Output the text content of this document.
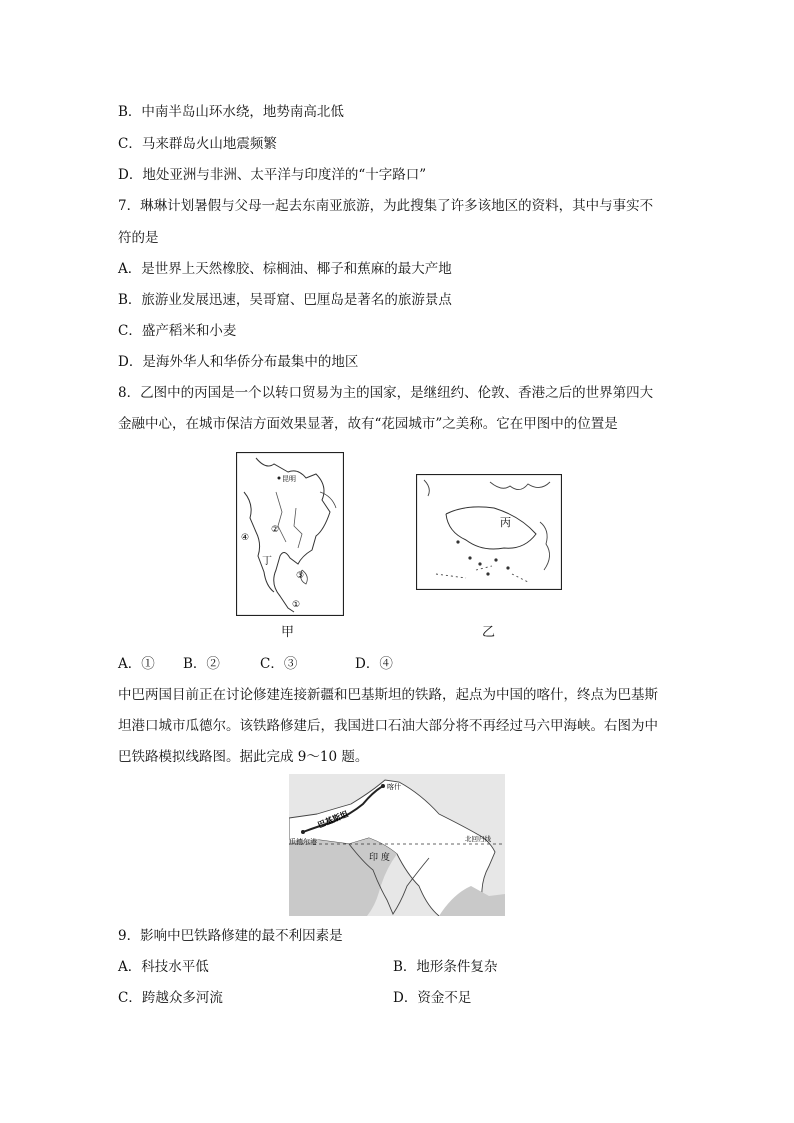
B．中南半岛山环水绕，地势南高北低
C．马来群岛火山地震频繁
D．地处亚洲与非洲、太平洋与印度洋的“十字路口”
7．琳琳计划暑假与父母一起去东南亚旅游，为此搜集了许多该地区的资料，其中与事实不
符的是
A．是世界上天然橡胶、棕榈油、椰子和蕉麻的最大产地
B．旅游业发展迅速，吴哥窟、巴厘岛是著名的旅游景点
C．盛产稻米和小麦
D．是海外华人和华侨分布最集中的地区
8．乙图中的丙国是一个以转口贸易为主的国家，是继纽约、伦敦、香港之后的世界第四大
金融中心，在城市保洁方面效果显著，故有“花园城市”之美称。它在甲图中的位置是
昆明
②
④
丁
③
①
甲
丙
乙
A．① B．②	C．③	D．④
中巴两国目前正在讨论修建连接新疆和巴基斯坦的铁路，起点为中国的喀什，终点为巴基斯
坦港口城市瓜德尔。该铁路修建后，我国进口石油大部分将不再经过马六甲海峡。右图为中
巴铁路模拟线路图。据此完成 9～10 题。
喀什
巴基斯坦
瓜德尔港
印 度
北回归线
9．影响中巴铁路修建的最不利因素是
A．科技水平低	B．地形条件复杂
C．跨越众多河流	D．资金不足
